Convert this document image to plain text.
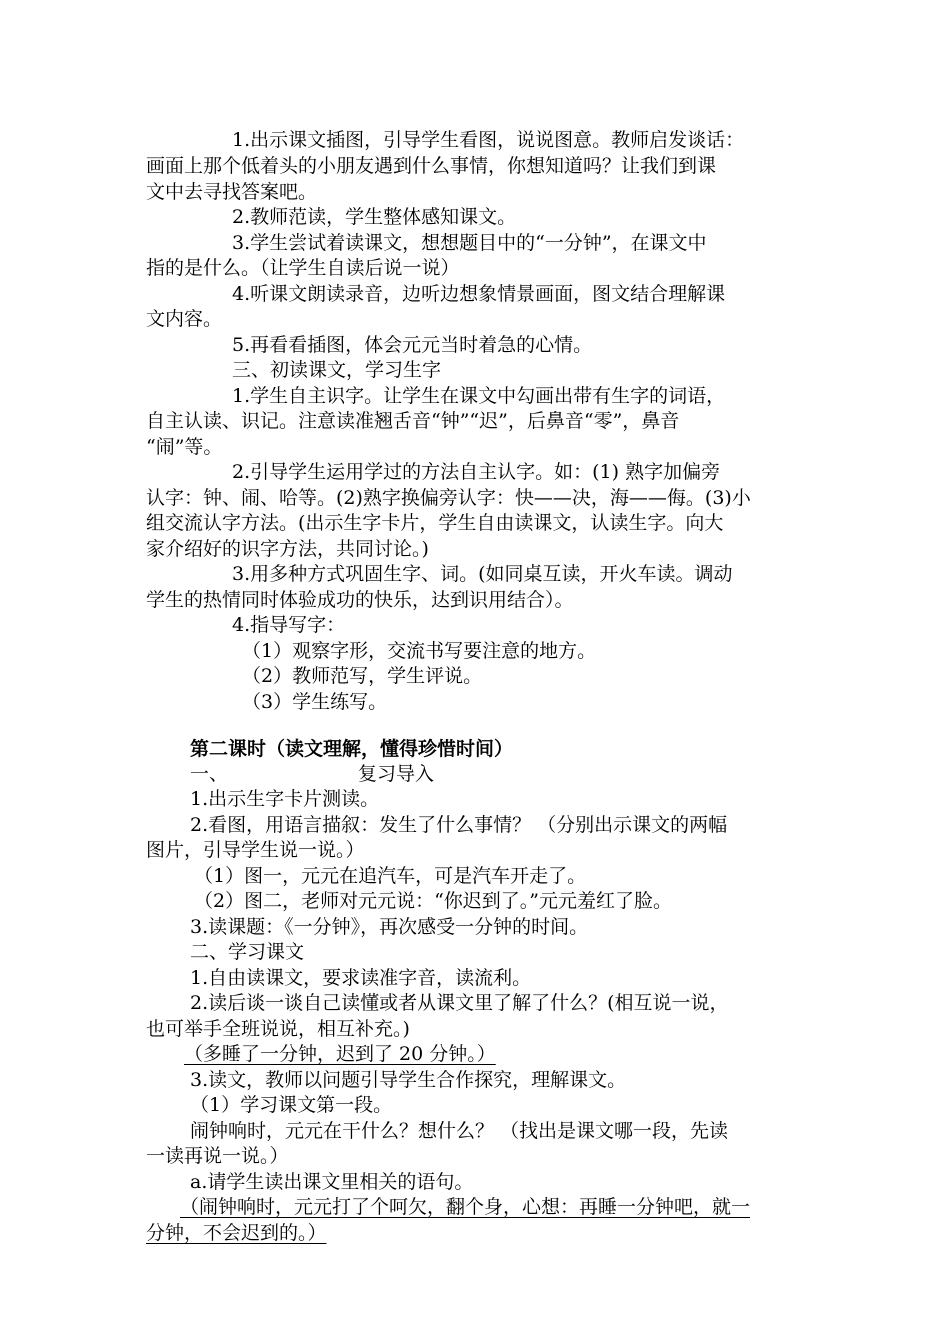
1.出示课文插图，引导学生看图，说说图意。教师启发谈话：
画面上那个低着头的小朋友遇到什么事情，你想知道吗？让我们到课
文中去寻找答案吧。
2.教师范读，学生整体感知课文。
3.学生尝试着读课文，想想题目中的“一分钟”，在课文中
指的是什么。（让学生自读后说一说）
4.听课文朗读录音，边听边想象情景画面，图文结合理解课
文内容。
5.再看看插图，体会元元当时着急的心情。
三、初读课文，学习生字
1.学生自主识字。让学生在课文中勾画出带有生字的词语，
自主认读、识记。注意读准翘舌音“钟”“迟”，后鼻音“零”，鼻音
“闹”等。
2.引导学生运用学过的方法自主认字。如：(1) 熟字加偏旁
认字：钟、闹、哈等。(2)熟字换偏旁认字：快——决，海——侮。(3)小
组交流认字方法。(出示生字卡片，学生自由读课文，认读生字。向大
家介绍好的识字方法，共同讨论。)
3.用多种方式巩固生字、词。(如同桌互读，开火车读。调动
学生的热情同时体验成功的快乐，达到识用结合）。
4.指导写字：
（1）观察字形，交流书写要注意的地方。
（2）教师范写，学生评说。
（3）学生练写。
第二课时（读文理解，懂得珍惜时间）
一、	复习导入
1.出示生字卡片测读。
2.看图，用语言描叙：发生了什么事情？ （分别出示课文的两幅
图片，引导学生说一说。）
（1）图一，元元在追汽车，可是汽车开走了。
（2）图二，老师对元元说：“你迟到了。”元元羞红了脸。
3.读课题：《一分钟》，再次感受一分钟的时间。
二、学习课文
1.自由读课文，要求读准字音，读流利。
2.读后谈一谈自己读懂或者从课文里了解了什么？(相互说一说，
也可举手全班说说，相互补充。)
（多睡了一分钟，迟到了 20 分钟。）
3.读文，教师以问题引导学生合作探究，理解课文。
（1）学习课文第一段。
闹钟响时，元元在干什么？想什么？ （找出是课文哪一段，先读
一读再说一说。）
a.请学生读出课文里相关的语句。
（闹钟响时，元元打了个呵欠，翻个身，心想：再睡一分钟吧，就一
分钟，不会迟到的。）
